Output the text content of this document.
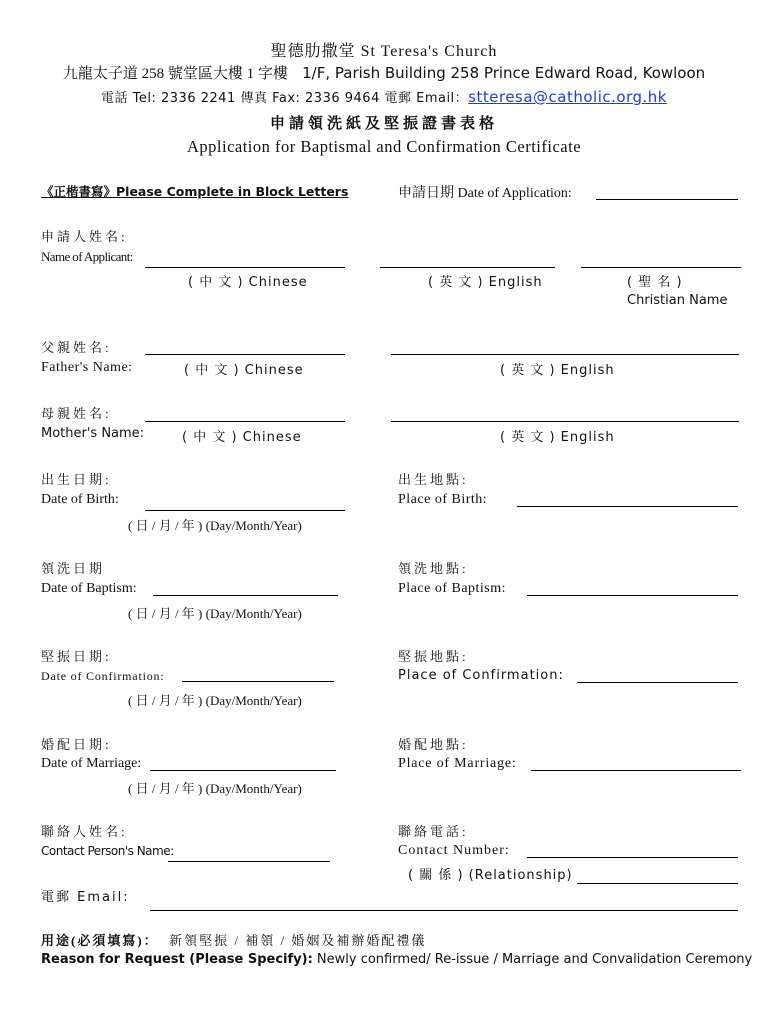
聖德肋撒堂 St Teresa's Church
九龍太子道 258 號堂區大樓 1 字樓 1/F, Parish Building 258 Prince Edward Road, Kowloon
電話 Tel: 2336 2241 傳真 Fax: 2336 9464 電郵 Email：stteresa@catholic.org.hk
申請領洗紙及堅振證書表格
Application for Baptismal and Confirmation Certificate
《正楷書寫》Please Complete in Block Letters	申請日期 Date of Application:
申請人姓名:
Name of Applicant:
( 中 文 ) Chinese	( 英 文 ) English	( 聖 名 )
Christian Name
父親姓名:
Father's Name:	( 中 文 ) Chinese	( 英 文 ) English
母親姓名:
Mother's Name:	( 中 文 ) Chinese	( 英 文 ) English
出生日期:
Date of Birth:
( 日 / 月 / 年 ) (Day/Month/Year)
出生地點:
Place of Birth:
領洗日期
Date of Baptism:
( 日 / 月 / 年 ) (Day/Month/Year)
領洗地點:
Place of Baptism:
堅振日期:
Date of Confirmation:
( 日 / 月 / 年 ) (Day/Month/Year)
堅振地點:
Place of Confirmation:
婚配日期:
Date of Marriage:
( 日 / 月 / 年 ) (Day/Month/Year)
婚配地點:
Place of Marriage:
聯絡人姓名:
Contact Person's Name:
聯絡電話:
Contact Number:
( 關 係 ) (Relationship)
電郵 Email:
用途(必須填寫)： 新領堅振 / 補領 / 婚姻及補辦婚配禮儀
Reason for Request (Please Specify): Newly confirmed/ Re-issue / Marriage and Convalidation Ceremony
